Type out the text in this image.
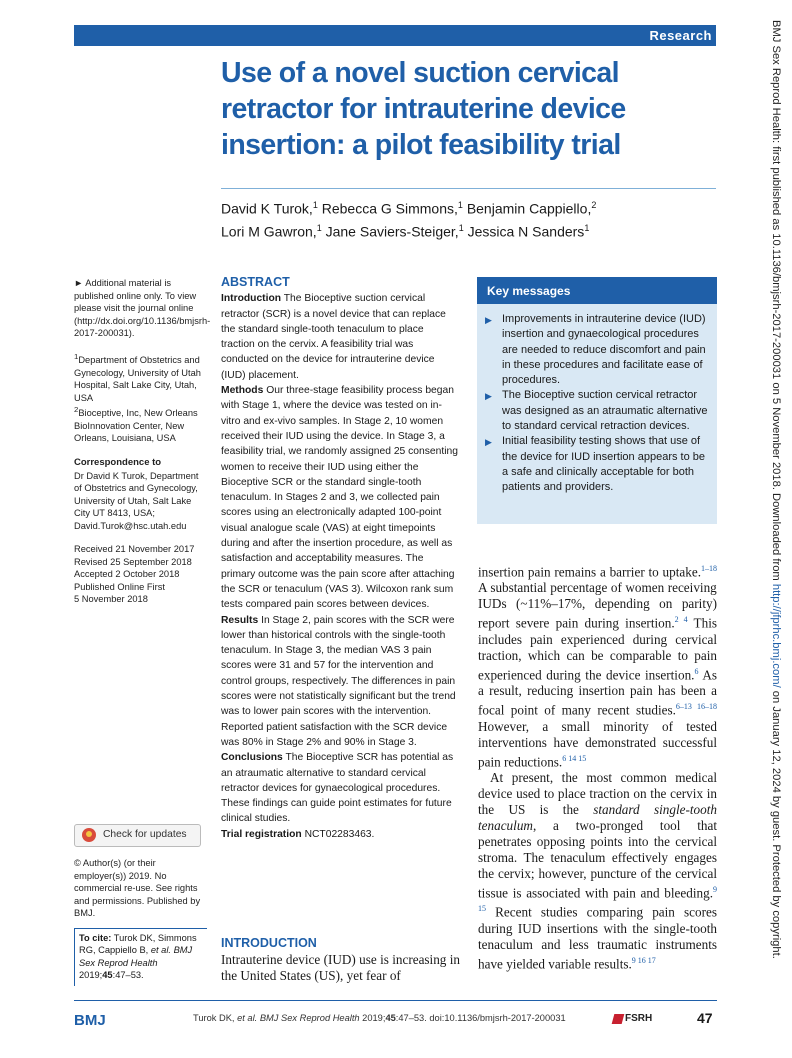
Research
Use of a novel suction cervical retractor for intrauterine device insertion: a pilot feasibility trial
David K Turok,$^1$ Rebecca G Simmons,$^1$ Benjamin Cappiello,$^2$
Lori M Gawron,$^1$ Jane Saviers-Steiger,$^1$ Jessica N Sanders$^1$

► Additional material is published online only. To view please visit the journal online (http://dx.doi.org/10.1136/bmjsrh-2017-200031).

$^1$Department of Obstetrics and Gynecology, University of Utah Hospital, Salt Lake City, Utah, USA

$^2$Bioceptive, Inc, New Orleans BioInnovation Center, New Orleans, Louisiana, USA

Correspondence to

Dr David K Turok, Department of Obstetrics and Gynecology, University of Utah, Salt Lake City UT 8413, USA; David.Turok@hsc.utah.edu

Received 21 November 2017

Revised 25 September 2018

Accepted 2 October 2018

Published Online First

5 November 2018

Check for updates

© Author(s) (or their employer(s)) 2019. No commercial re-use. See rights and permissions. Published by BMJ.

To cite: Turok DK, Simmons RG, Cappiello B, et al. BMJ Sex Reprod Health 2019;45:47–53.
ABSTRACT

Introduction The Bioceptive suction cervical retractor (SCR) is a novel device that can replace the standard single-tooth tenaculum to place traction on the cervix. A feasibility trial was conducted on the device for intrauterine device (IUD) placement.

Methods Our three-stage feasibility process began with Stage 1, where the device was tested on in-vitro and ex-vivo samples. In Stage 2, 10 women received their IUD using the device. In Stage 3, a feasibility trial, we randomly assigned 25 consenting women to receive their IUD using either the Bioceptive SCR or the standard single-tooth tenaculum. In Stages 2 and 3, we collected pain scores using an electronically adapted 100-point visual analogue scale (VAS) at eight timepoints during and after the insertion procedure, as well as satisfaction and acceptability measures. The primary outcome was the pain score after attaching the SCR or tenaculum (VAS 3). Wilcoxon rank sum tests compared pain scores between devices.

Results In Stage 2, pain scores with the SCR were lower than historical controls with the single-tooth tenaculum. In Stage 3, the median VAS 3 pain scores were 31 and 57 for the intervention and control groups, respectively. The differences in pain scores were not statistically significant but the trend was to lower pain scores with the intervention. Reported patient satisfaction with the SCR device was 80% in Stage 2% and 90% in Stage 3.

Conclusions The Bioceptive SCR has potential as an atraumatic alternative to standard cervical retractor devices for gynaecological procedures. These findings can guide point estimates for future clinical studies.

Trial registration NCT02283463.

Key messages
▶ Improvements in intrauterine device (IUD) insertion and gynaecological procedures are needed to reduce discomfort and pain in these procedures and facilitate ease of procedures.
▶ The Bioceptive suction cervical retractor was designed as an atraumatic alternative to standard cervical retraction devices.
▶ Initial feasibility testing shows that use of the device for IUD insertion appears to be a safe and clinically acceptable for both patients and providers.

insertion pain remains a barrier to uptake.$^{1-18}$ A substantial percentage of women receiving IUDs (~11%–17%, depending on parity) report severe pain during insertion.$^{2 4}$ This includes pain experienced during cervical traction, which can be comparable to pain experienced during the device insertion.$^6$ As a result, reducing insertion pain has been a focal point of many recent studies.$^{6-13 16-18}$ However, a small minority of tested interventions have demonstrated successful pain reductions.$^{6 14 15}$

At present, the most common medical device used to place traction on the cervix in the US is the standard single-tooth tenaculum, a two-pronged tool that penetrates opposing points into the cervical stroma. The tenaculum effectively engages the cervix; however, puncture of the cervical tissue is associated with pain and bleeding.$^{9 15}$ Recent studies comparing pain scores during IUD insertions with the single-tooth tenaculum and less traumatic instruments have yielded variable results.$^{9 16 17}$

INTRODUCTION

Intrauterine device (IUD) use is increasing in the United States (US), yet fear of

BMJ	Turok DK, et al. BMJ Sex Reprod Health 2019;45:47–53. doi:10.1136/bmjsrh-2017-200031	FSRH	47
BMJ Sex Reprod Health: first published as 10.1136/bmjsrh-2017-200031 on 5 November 2018. Downloaded from http://jfprhc.bmj.com/ on January 12, 2024 by guest. Protected by copyright.
